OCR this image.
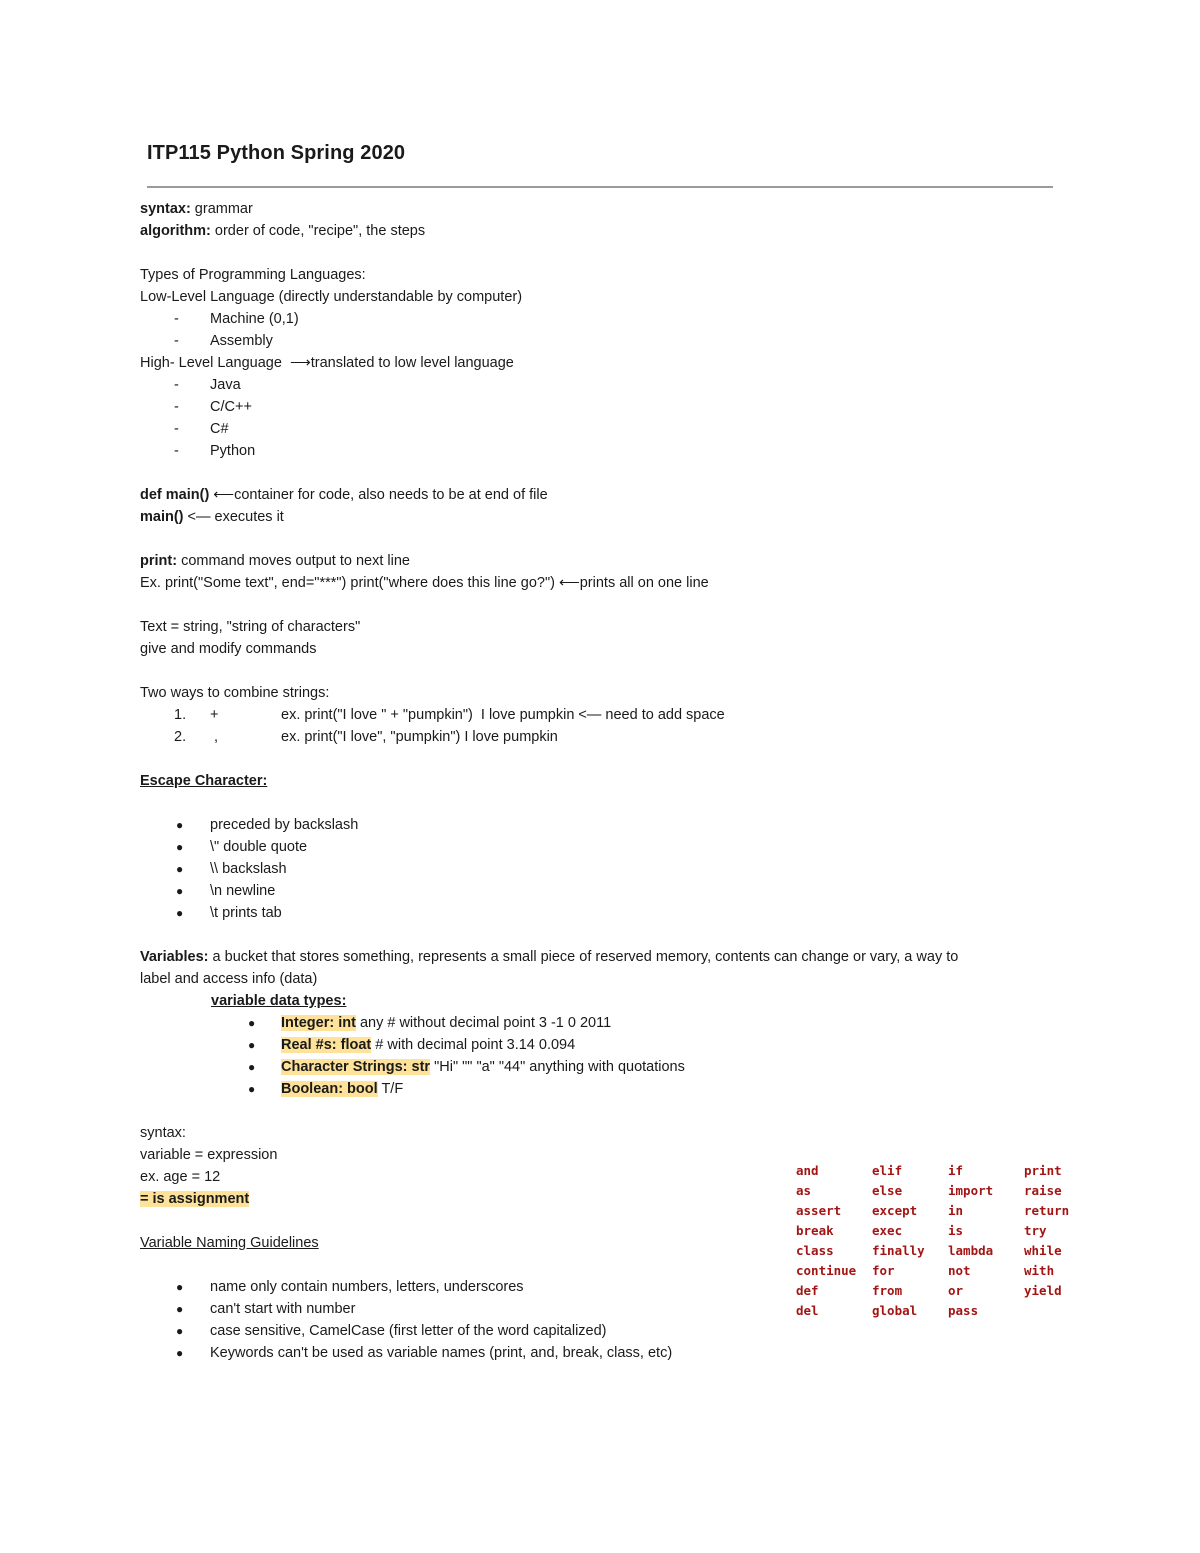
ITP115 Python Spring 2020
syntax: grammar
algorithm: order of code, "recipe", the steps
Types of Programming Languages:
Low-Level Language (directly understandable by computer)
- Machine (0,1)
- Assembly
High- Level Language  ⟶translated to low level language
- Java
- C/C++
- C#
- Python
def main() ⟵container for code, also needs to be at end of file
main() <— executes it
print: command moves output to next line
Ex. print("Some text", end="***") print("where does this line go?") ⟵prints all on one line
Text = string, "string of characters"
give and modify commands
Two ways to combine strings:
1. +	ex. print("I love " + "pumpkin")  I love pumpkin <— need to add space
2. ,	ex. print("I love", "pumpkin") I love pumpkin
Escape Character:
● preceded by backslash
● \" double quote
● \\ backslash
● \n newline
● \t prints tab
Variables: a bucket that stores something, represents a small piece of reserved memory, contents can change or vary, a way to
label and access info (data)
variable data types:
● Integer: int any # without decimal point 3 -1 0 2011
● Real #s: float # with decimal point 3.14 0.094
● Character Strings: str "Hi" "" "a" "44" anything with quotations
● Boolean: bool T/F
syntax:
variable = expression
ex. age = 12
= is assignment
Variable Naming Guidelines
● name only contain numbers, letters, underscores
● can't start with number
● case sensitive, CamelCase (first letter of the word capitalized)
● Keywords can't be used as variable names (print, and, break, class, etc)
and	elif	if	print
as	else	import	raise
assert	except	in	return
break	exec	is	try
class	finally	lambda	while
continue	for	not	with
def	from	or	yield
del	global	pass	
